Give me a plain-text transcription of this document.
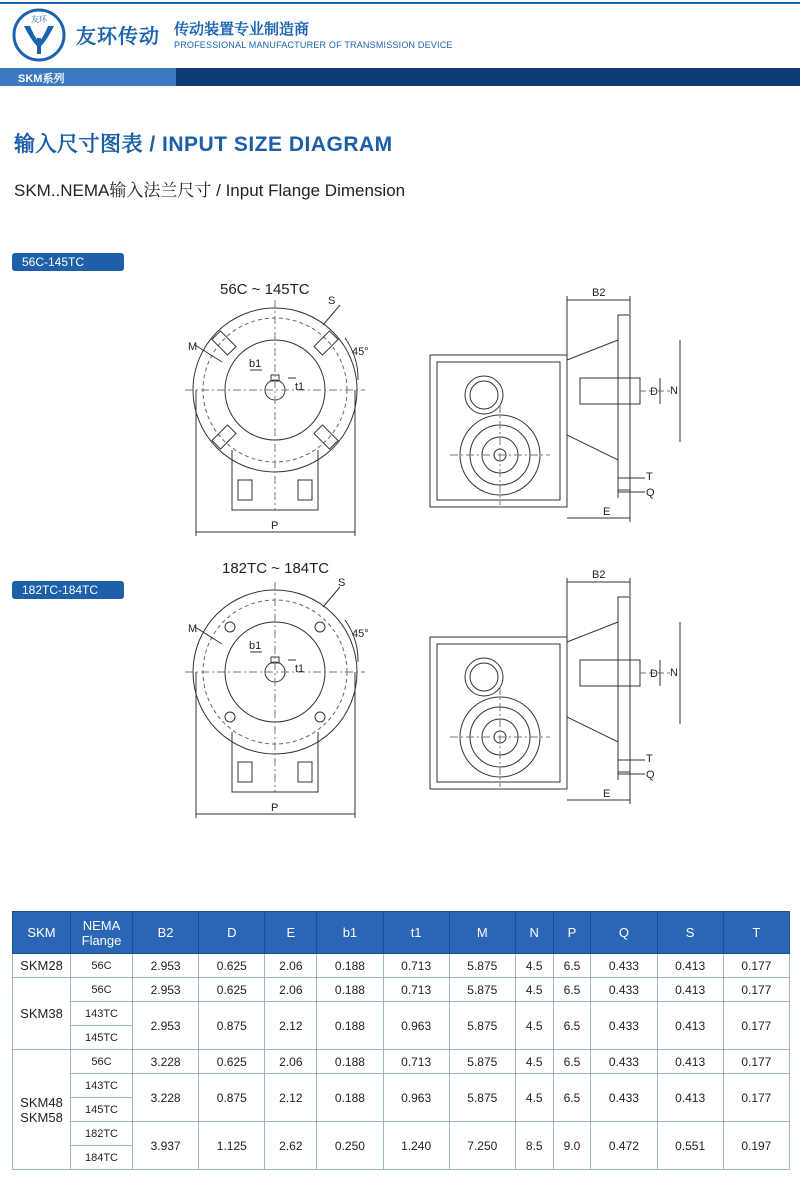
友环
友环传动 传动装置专业制造商
PROFESSIONAL MANUFACTURER OF TRANSMISSION DEVICE
SKM系列
输入尺寸图表 / INPUT SIZE DIAGRAM
SKM..NEMA输入法兰尺寸 / Input Flange Dimension
56C-145TC
182TC-184TC
56C ~ 145TC
182TC ~ 184TC
M
S
45°
b1
t1
P
B2
D N
T
Q
E
M
S
45°
b1
t1
P
B2
D N
T
Q
E
SKM	NEMA Flange	B2	D	E	b1	t1	M	N	P	Q	S	T
SKM28	56C	2.953	0.625	2.06	0.188	0.713	5.875	4.5	6.5	0.433	0.413	0.177
SKM38	56C	2.953	0.625	2.06	0.188	0.713	5.875	4.5	6.5	0.433	0.413	0.177
	143TC	2.953	0.875	2.12	0.188	0.963	5.875	4.5	6.5	0.433	0.413	0.177
	145TC											

SKM48
SKM58	56C	3.228	0.625	2.06	0.188	0.713	5.875	4.5	6.5	0.433	0.413	0.177
	143TC	3.228	0.875	2.12	0.188	0.963	5.875	4.5	6.5	0.433	0.413	0.177
	145TC											
	182TC	3.937	1.125	2.62	0.250	1.240	7.250	8.5	9.0	0.472	0.551	0.197
	184TC											
